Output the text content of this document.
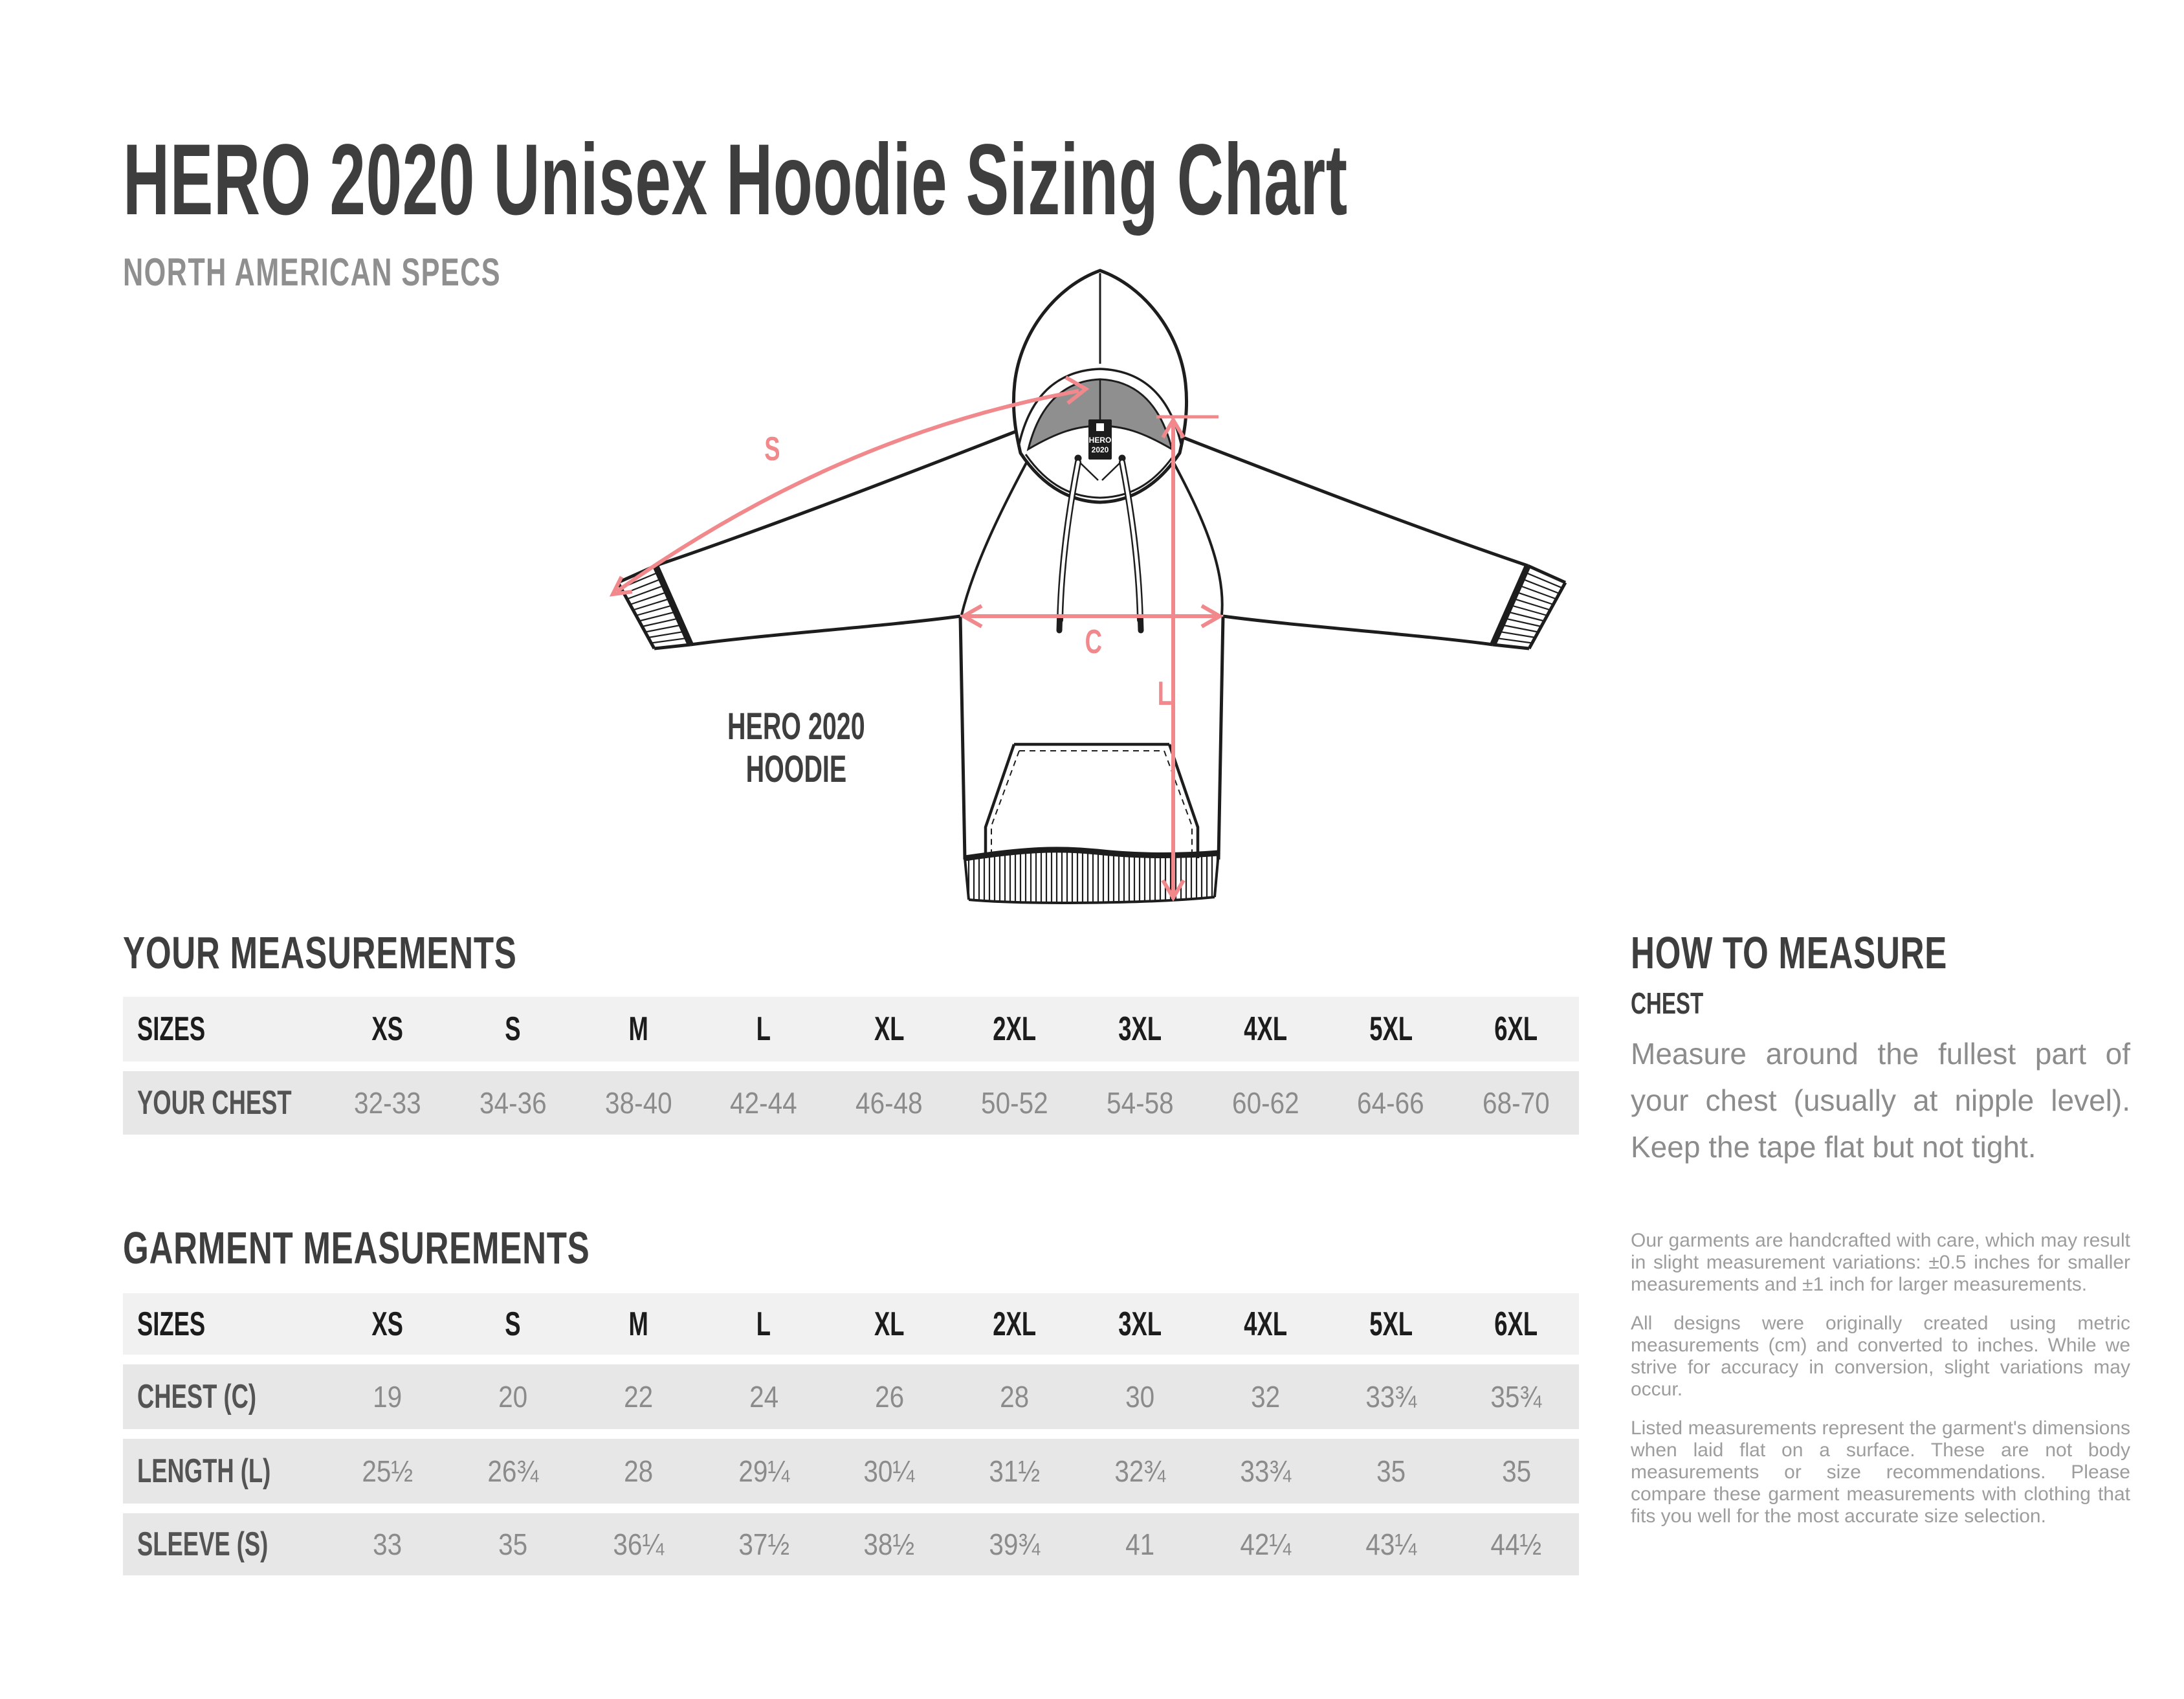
HERO 2020 Unisex Hoodie Sizing Chart
NORTH AMERICAN SPECS
HERO
2020
S
C
L
HERO 2020
HOODIE
YOUR MEASUREMENTS
SIZES	XS	S	M	L	XL	2XL 3XL 4XL 5XL 6XL
YOUR CHEST 32-33 34-36 38-40 42-44 46-48 50-52 54-58 60-62 64-66 68-70
GARMENT MEASUREMENTS
SIZES	XS	S	M	L	XL	2XL 3XL 4XL 5XL 6XL
CHEST (C)	19	20	22	24	26	28	30	32	33¾	35¾
LENGTH (L)	25½	26¾	28	29¼	30¼	31½	32¾	33¾	35	35
SLEEVE (S)	33	35	36¼	37½	38½	39¾	41	42¼	43¼	44½
HOW TO MEASURE
CHEST
Measure around the fullest part of your chest (usually at nipple level). Keep the tape flat but not tight.

Our garments are handcrafted with care, which may result in slight measurement variations: ±0.5 inches for smaller measurements and ±1 inch for larger measurements.

All designs were originally created using metric measurements (cm) and converted to inches. While we strive for accuracy in conversion, slight variations may occur.

Listed measurements represent the garment's dimensions when laid flat on a surface. These are not body measurements or size recommendations. Please compare these garment measurements with clothing that fits you well for the most accurate size selection.
